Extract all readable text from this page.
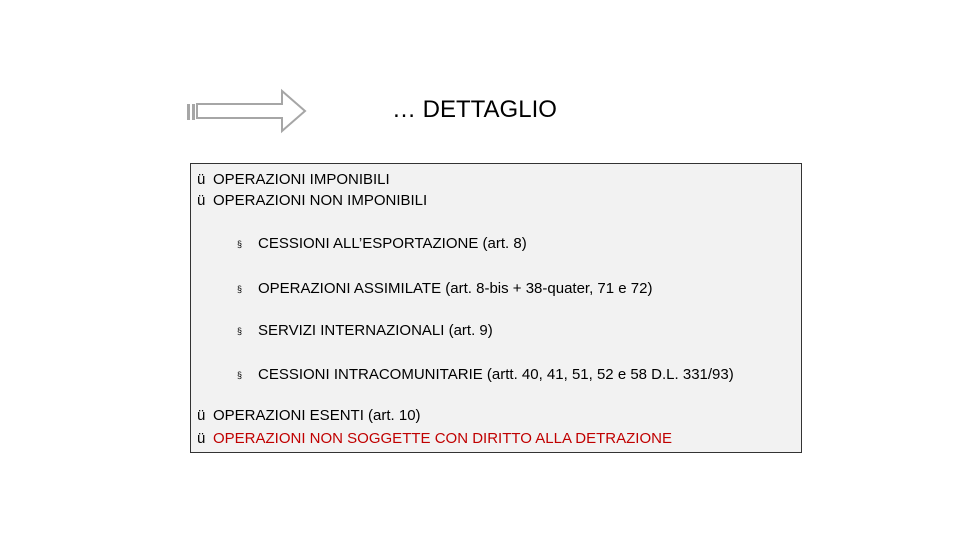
… DETTAGLIO
ü OPERAZIONI IMPONIBILI
ü OPERAZIONI NON IMPONIBILI
§ CESSIONI ALL’ESPORTAZIONE (art. 8)
§ OPERAZIONI ASSIMILATE (art. 8-bis + 38-quater, 71 e 72)
§ SERVIZI INTERNAZIONALI (art. 9)
§ CESSIONI INTRACOMUNITARIE (artt. 40, 41, 51, 52 e 58 D.L. 331/93)
ü OPERAZIONI ESENTI (art. 10)
ü OPERAZIONI NON SOGGETTE CON DIRITTO ALLA DETRAZIONE
